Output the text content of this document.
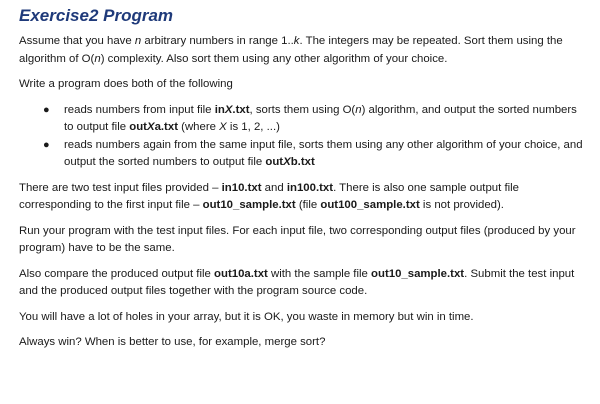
Exercise2 Program

Assume that you have n arbitrary numbers in range 1..k. The integers may be repeated. Sort them using the algorithm of O(n) complexity. Also sort them using any other algorithm of your choice.

Write a program does both of the following

● reads numbers from input file inX.txt, sorts them using O(n) algorithm, and output the sorted numbers to output file outXa.txt (where X is 1, 2, ...)
● reads numbers again from the same input file, sorts them using any other algorithm of your choice, and output the sorted numbers to output file outXb.txt

There are two test input files provided – in10.txt and in100.txt. There is also one sample output file corresponding to the first input file – out10_sample.txt (file out100_sample.txt is not provided).

Run your program with the test input files. For each input file, two corresponding output files (produced by your program) have to be the same.

Also compare the produced output file out10a.txt with the sample file out10_sample.txt. Submit the test input and the produced output files together with the program source code.

You will have a lot of holes in your array, but it is OK, you waste in memory but win in time.

Always win? When is better to use, for example, merge sort?
